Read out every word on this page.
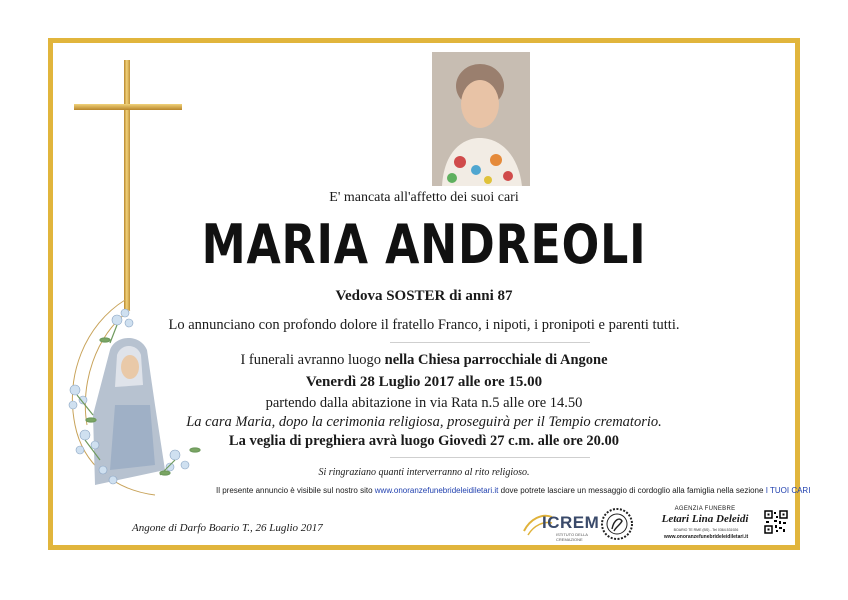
E' mancata all'affetto dei suoi cari
MARIA ANDREOLI
Vedova SOSTER di anni 87
Lo annunciano con profondo dolore il fratello Franco, i nipoti, i pronipoti e parenti tutti.
I funerali avranno luogo nella Chiesa parrocchiale di Angone
Venerdì 28 Luglio 2017 alle ore 15.00
partendo dalla abitazione in via Rata n.5 alle ore 14.50
La cara Maria, dopo la cerimonia religiosa, proseguirà per il Tempio crematorio.
La veglia di preghiera avrà luogo Giovedì 27 c.m. alle ore 20.00
Si ringraziano quanti interverranno al rito religioso.
Il presente annuncio è visibile sul nostro sito www.onoranzefunebrideleidiletari.it dove potrete lasciare un messaggio di cordoglio alla famiglia nella sezione I TUOI CARI
Angone di Darfo Boario T., 26 Luglio 2017	ICREM
ISTITUTO DELLA CREMAZIONE
AGENZIA FUNEBRE
Letari Lina Deleidi
BOARIO TE RME (BS) - Tel 0364.531926
www.onoranzefunebrideleidiletari.it
